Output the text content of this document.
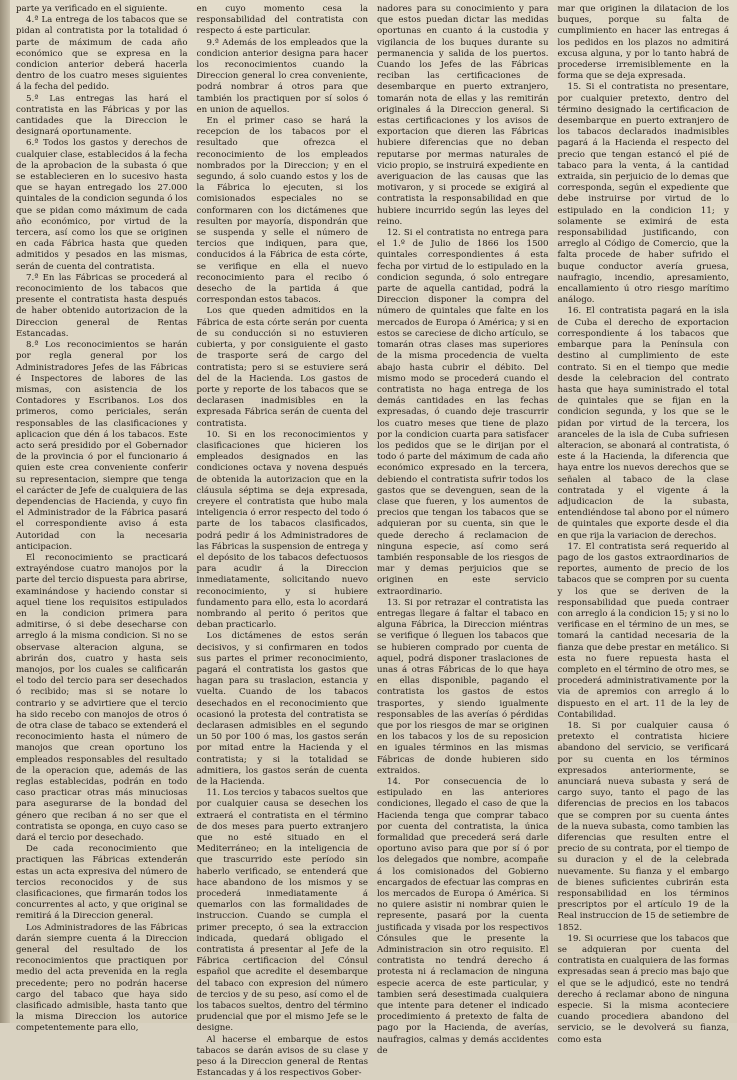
parte ya verificado en el siguiente.

4.ª La entrega de los tabacos que se pidan al contratista por la totalidad ó parte de máximum de cada año económico que se expresa en la condicion anterior deberá hacerla dentro de los cuatro meses siguientes á la fecha del pedido.

5.ª Las entregas las hará el contratista en las Fábricas y por las cantidades que la Direccion le designará oportunamente.

6.ª Todos los gastos y derechos de cualquier clase, establecidos á la fecha de la aprobacion de la subasta ó que se establecieren en lo sucesivo hasta que se hayan entregado los 27.000 quintales de la condicion segunda ó los que se pidan como máximum de cada año económico, por virtud de la tercera, así como los que se originen en cada Fábrica hasta que queden admitidos y pesados en las mismas, serán de cuenta del contratista.

7.ª En las Fábricas se procederá al reconocimiento de los tabacos que presente el contratista hasta después de haber obtenido autorizacion de la Direccion general de Rentas Estancadas.

8.ª Los reconocimientos se harán por regla general por los Administradores Jefes de las Fábricas é Inspectores de labores de las mismas, con asistencia de los Contadores y Escribanos. Los dos primeros, como periciales, serán responsables de las clasificaciones y aplicacion que dén á los tabacos. Este acto será presidido por el Gobernador de la provincia ó por el funcionario á quien este crea conveniente conferir su representacion, siempre que tenga el carácter de Jefe de cualquiera de las dependencias de Hacienda, y cuyo fin el Administrador de la Fábrica pasará el correspondiente aviso á esta Autoridad con la necesaria anticipacion.

El reconocimiento se practicará extrayéndose cuatro manojos por la parte del tercio dispuesta para abrirse, examinándose y haciendo constar si aquel tiene los requisitos estipulados en la condicion primera para admitirse, ó si debe desecharse con arreglo á la misma condicion. Si no se observase alteracion alguna, se abrirán dos, cuatro y hasta seis manojos, por los cuales se calificarán el todo del tercio para ser desechados ó recibido; mas si se notare lo contrario y se advirtiere que el tercio ha sido recebo con manojos de otros ó de otra clase de tabaco se extenderá el reconocimiento hasta el número de manojos que crean oportuno los empleados responsables del resultado de la operacion que, además de las reglas establecidas, podrán en todo caso practicar otras más minuciosas para asegurarse de la bondad del género que reciban á no ser que el contratista se oponga, en cuyo caso se dará el tercio por desechado.

De cada reconocimiento que practiquen las Fábricas extenderán estas un acta expresiva del número de tercios reconocidos y de sus clasificaciones, que firmarán todos los concurrentes al acto, y que original se remitirá á la Direccion general.

Los Administradores de las Fábricas darán siempre cuenta á la Direccion general del resultado de los reconocimientos que practiquen por medio del acta prevenida en la regla precedente; pero no podrán hacerse cargo del tabaco que haya sido clasificado admisible, hasta tanto que la misma Direccion los autorice competentemente para ello,

en cuyo momento cesa la responsabilidad del contratista con respecto á este particular.

9.ª Además de los empleados que la condicion anterior designa para hacer los reconocimientos cuando la Direccion general lo crea conveniente, podrá nombrar á otros para que también los practiquen por sí solos ó en union de aquellos.

En el primer caso se hará la recepcion de los tabacos por el resultado que ofrezca el reconocimiento de los empleados nombrados por la Direccion; y en el segundo, á solo cuando estos y los de la Fábrica lo ejecuten, si los comisionados especiales no se conformaren con los dictámenes que resulten por mayoría, dispondrán que se suspenda y selle el número de tercios que indiquen, para que, conducidos á la Fábrica de esta córte, se verifique en ella el nuevo reconocimiento para el recibo ó desecho de la partida á que correspondan estos tabacos.

Los que queden admitidos en la Fábrica de esta córte serán por cuenta de su conducción si no estuvieren cubierta, y por consiguiente el gasto de trasporte será de cargo del contratista; pero si se estuviere será del de la Hacienda. Los gastos de porte y reporte de los tabacos que se declarasen inadmisibles en la expresada Fábrica serán de cuenta del contratista.

10. Si en los reconocimientos y clasificaciones que hicieren los empleados designados en las condiciones octava y novena después de obtenida la autorizacion que en la cláusula séptima se deja expresada, creyere el contratista que hubo mala inteligencia ó error respecto del todo ó parte de los tabacos clasificados, podrá pedir á los Administradores de las Fábricas la suspension de entrega y el depósito de los tabacos defectuosos para acudir á la Direccion inmediatamente, solicitando nuevo reconocimiento, y si hubiere fundamento para ello, esta lo acordará nombrando al perito ó peritos que deban practicarlo.

Los dictámenes de estos serán decisivos, y si confirmaren en todos sus partes el primer reconocimiento, pagará el contratista los gastos que hagan para su traslacion, estancia y vuelta. Cuando de los tabacos desechados en el reconocimiento que ocasionó la protesta del contratista se declarasen admisibles en el segundo un 50 por 100 ó mas, los gastos serán por mitad entre la Hacienda y el contratista; y si la totalidad se admitiera, los gastos serán de cuenta de la Hacienda.

11. Los tercios y tabacos sueltos que por cualquier causa se desechen los extraerá el contratista en el término de dos meses para puerto extranjero que no esté situado en el Mediterráneo; en la inteligencia de que trascurrido este período sin haberlo verificado, se entenderá que hace abandono de los mismos y se procederá inmediatamente á quemarlos con las formalidades de instruccion. Cuando se cumpla el primer precepto, ó sea la extraccion indicada, quedará obligado el contratista á presentar al Jefe de la Fábrica certificacion del Cónsul español que acredite el desembarque del tabaco con expresion del número de tercios y de su peso, así como el de los tabacos sueltos, dentro del término prudencial que por el mismo Jefe se le designe.

Al hacerse el embarque de estos tabacos se darán avisos de su clase y peso á la Direccion general de Rentas Estancadas y á los respectivos Gober-

nadores para su conocimiento y para que estos puedan dictar las medidas oportunas en cuanto á la custodia y vigilancia de los buques durante su permanencia y salida de los puertos. Cuando los Jefes de las Fábricas reciban las certificaciones de desembarque en puerto extranjero, tomarán nota de ellas y las remitirán originales á la Direccion general. Si estas certificaciones y los avisos de exportacion que dieren las Fábricas hubiere diferencias que no deban reputarse por mermas naturales de vicio propio, se instruirá expediente en averiguacion de las causas que las motivaron, y si procede se exigirá al contratista la responsabilidad en que hubiere incurrido según las leyes del reino.

12. Si el contratista no entrega para el 1.º de Julio de 1866 los 1500 quintales correspondientes á esta fecha por virtud de lo estipulado en la condicion segunda, ó solo entregare parte de aquella cantidad, podrá la Direccion disponer la compra del número de quintales que falte en los mercados de Europa ó América; y si en estos se careciese de dicho artículo, se tomarán otras clases mas superiores de la misma procedencia de vuelta abajo hasta cubrir el débito. Del mismo modo se procederá cuando el contratista no haga entrega de los demás cantidades en las fechas expresadas, ó cuando deje trascurrir los cuatro meses que tiene de plazo por la condicion cuarta para satisfacer los pedidos que se le dirijan por el todo ó parte del máximum de cada año económico expresado en la tercera, debiendo el contratista sufrir todos los gastos que se devenguen, sean de la clase que fueren, y los aumentos de precios que tengan los tabacos que se adquieran por su cuenta, sin que le quede derecho á reclamacion de ninguna especie, así como será también responsable de los riesgos de mar y demas perjuicios que se originen en este servicio extraordinario.

13. Si por retrazar el contratista las entregas llegare á faltar el tabaco en alguna Fábrica, la Direccion miéntras se verifique ó lleguen los tabacos que se hubieren comprado por cuenta de aquel, podrá disponer traslaciones de unas á otras Fábricas de lo que haya en ellas disponible, pagando el contratista los gastos de estos trasportes, y siendo igualmente responsables de las averías ó pérdidas que por los riesgos de mar se originen en los tabacos y los de su reposicion en iguales términos en las mismas Fábricas de donde hubieren sido extraidos.

14. Por consecuencia de lo estipulado en las anteriores condiciones, llegado el caso de que la Hacienda tenga que comprar tabaco por cuenta del contratista, la única formalidad que precederá será darle oportuno aviso para que por sí ó por los delegados que nombre, acompañe á los comisionados del Gobierno encargados de efectuar las compras en los mercados de Europa ó América. Si no quiere asistir ni nombrar quien le represente, pasará por la cuenta justificada y visada por los respectivos Cónsules que le presente la Administracion sin otro requisito. El contratista no tendrá derecho á protesta ni á reclamacion de ninguna especie acerca de este particular, y tambien será desestimada cualquiera que intente para detener el indicado procedimiento á pretexto de falta de pago por la Hacienda, de averías, naufragios, calmas y demás accidentes de

mar que originen la dilatacion de los buques, porque su falta de cumplimiento en hacer las entregas á los pedidos en los plazos no admitirá excusa alguna, y por lo tanto habrá de procederse irremisiblemente en la forma que se deja expresada.

15. Si el contratista no presentare, por cualquier pretexto, dentro del término designado la certificacion de desembarque en puerto extranjero de los tabacos declarados inadmisibles pagará á la Hacienda el respecto del precio que tengan estancó el pié de tabaco para la venta, á la cantidad extraida, sin perjuicio de lo demas que corresponda, según el expediente que debe instruirse por virtud de lo estipulado en la condicion 11; y solamente se eximirá de esta responsabilidad justificando, con arreglo al Código de Comercio, que la falta procede de haber sufrido el buque conductor avería gruesa, naufragio, incendio, apresamiento, encallamiento ú otro riesgo marítimo análogo.

16. El contratista pagará en la isla de Cuba el derecho de exportacion correspondiente á los tabacos que embarque para la Península con destino al cumplimiento de este contrato. Si en el tiempo que medie desde la celebracion del contrato hasta que haya suministrado el total de quintales que se fijan en la condicion segunda, y los que se le pidan por virtud de la tercera, los aranceles de la isla de Cuba sufriesen alteracion, se abonará al contratista, ó este á la Hacienda, la diferencia que haya entre los nuevos derechos que se señalen al tabaco de la clase contratada y el vigente á la adjudicacion de la subasta, entendiéndose tal abono por el número de quintales que exporte desde el dia en que rija la variacion de derechos.

17. El contratista será requerido al pago de los gastos extraordinarios de reportes, aumento de precio de los tabacos que se compren por su cuenta y los que se deriven de la responsabilidad que pueda contraer con arreglo á la condicion 15; y si no lo verificase en el término de un mes, se tomará la cantidad necesaria de la fianza que debe prestar en metálico. Si esta no fuere repuesta hasta el completo en el término de otro mes, se procederá administrativamente por la via de apremios con arreglo á lo dispuesto en el art. 11 de la ley de Contabilidad.

18. Si por cualquier causa ó pretexto el contratista hiciere abandono del servicio, se verificará por su cuenta en los términos expresados anteriormente, se anunciará nueva subasta y será de cargo suyo, tanto el pago de las diferencias de precios en los tabacos que se compren por su cuenta ántes de la nueva subasta, como tambien las diferencias que resulten entre el precio de su contrata, por el tiempo de su duracion y el de la celebrada nuevamente. Su fianza y el embargo de bienes suficientes cubrirán esta responsabilidad en los términos prescriptos por el artículo 19 de la Real instruccion de 15 de setiembre de 1852.

19. Si ocurriese que los tabacos que se adquieran por cuenta del contratista en cualquiera de las formas expresadas sean á precio mas bajo que el que se le adjudicó, este no tendrá derecho á reclamar abono de ninguna especie. Si la misma aconteciere cuando procediera abandono del servicio, se le devolverá su fianza, como esta
